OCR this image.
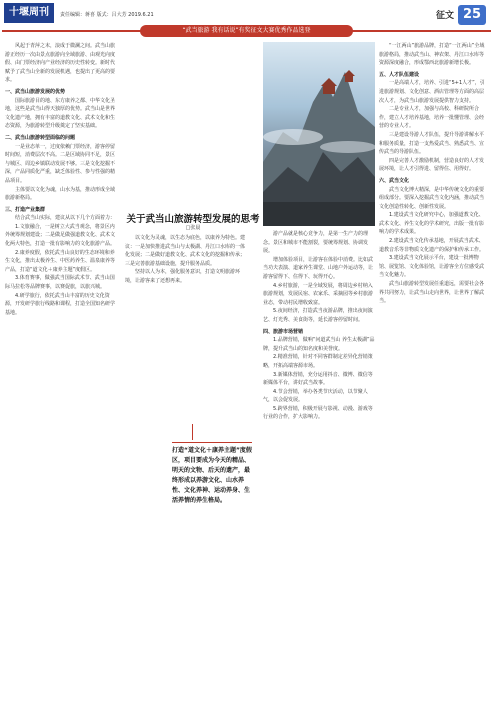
十堰周刊	责任编辑：蒋喜 版式：吕大芳 2019.6.21	征文 25
“武当旅游 我有话说”有奖征文大赛优秀作品选登

风起于青萍之末，浪成于微澜之间。武当山旅游正经历一次由景点旅游向全域旅游、由观光向度假、由门票经济向产业经济的历史性转变。新时代赋予了武当山全新的发展机遇，也提出了更高的要求。

一、武当山旅游发展的优势

国际旅游目的地、东方康养之都、中华文化圣地，这些是武当山得天独厚的优势。武当山是世界文化遗产地，拥有丰富的道教文化、武术文化和生态资源，为旅游转型升级奠定了坚实基础。

二、武当山旅游转型面临的问题

一是业态单一，过度依赖门票经济，游客停留时间短，消费层次不高。二是区域协同不足，景区与城区、周边乡镇联动发展不够。三是文化挖掘不深，产品同质化严重，缺乏体验性、参与性强的精品项目。

主体要以文化为魂，山水为基，推动形成全域旅游新格局。

三、打造产业集群

结合武当山实际，建议从以下几个方面着力：

1.文旅融合，一是树立大武当观念，将景区内外统筹规划建设；二是做足做强道教文化、武术文化两大特色，打造一批有影响力的文化旅游产品。

2.康养度假，依托武当山良好的生态环境和养生文化，推出太极养生、中医药养生、温泉康养等产品，打造“道文化＋康养主题”度假区。

3.体育赛事，做强武当国际武术节、武当山国际马拉松等品牌赛事，以赛促旅，以旅兴城。

4.研学旅行，依托武当山丰富的历史文化资源，开发研学旅行线路和课程，打造全国知名研学基地。

关于武当山旅游转型发展的思考
□张晨

以文化为灵魂，以生态为底色，以康养为特色。建议：一是加快推进武当山与太极湖、丹江口水库的一体化发展；二是做好道教文化、武术文化的挖掘和传承；三是完善旅游基础设施，提升服务品质。

坚持以人为本，强化服务意识，打造文明旅游环境，让游客来了还想再来。

游产品就是核心竞争力，是第一生产力的理念。景区和城市不能割裂，要统筹规划、协调发展。

增加体验项目，让游客在体验中消费。比如武当功夫表演、道家养生课堂、山地户外运动等，让游客留得下、住得下、玩得开心。

4.乡村旅游，一是全域发展，将周边乡村纳入旅游规划，发展民宿、农家乐、采摘园等乡村旅游业态，带动村民增收致富。

5.夜间经济，打造武当夜游品牌，推出夜间演艺、灯光秀、美食街等，延长游客停留时间。

四、旅游市场营销

1.品牌营销，做响“问道武当山 养生太极湖”品牌，提升武当山的知名度和美誉度。

2.精准营销，针对不同客群制定差异化营销策略，开拓高端客源市场。

3.新媒体营销，充分运用抖音、微博、微信等新媒体平台，讲好武当故事。

4.节会营销，举办各类节庆活动，以节聚人气，以会促发展。

5.跨界营销，积极开展与影视、动漫、游戏等行业的合作，扩大影响力。

打造“道文化＋康养主题”度假区，项目要成为今天的精品、明天的文物、后天的遗产，最终形成以养游文化、山水养性、文化养神、运动养身、生活养情的养生格局。

“一江两山”旅游品牌，打造“一江两山”全域旅游格局，推动武当山、神农架、丹江口水库等资源深度融合，形成鄂西北旅游新增长极。

五、人才队伍建设

一是高端人才，培养、引进“5+1人才”，引进旅游规划、文化创意、酒店管理等方面的高层次人才，为武当山旅游发展提供智力支持。

二是专业人才，加强与高校、科研院所合作，建立人才培养基地，培养一批懂管理、会经营的专业人才。

三是建设导游人才队伍，提升导游讲解水平和服务质量，打造一支热爱武当、熟悉武当、宣传武当的导游队伍。

四是完善人才激励机制，营造良好的人才发展环境，让人才引得进、留得住、用得好。

六、武当文化

武当文化博大精深，是中华传统文化的重要组成部分。要深入挖掘武当文化内涵，推动武当文化创造性转化、创新性发展。

1.建设武当文化研究中心，加强道教文化、武术文化、养生文化的学术研究，出版一批有影响力的学术成果。

2.建设武当文化传承基地，开展武当武术、道教音乐等非物质文化遗产的保护和传承工作。

3.建设武当文化展示平台，建设一批博物馆、展览馆、文化体验馆，让游客全方位感受武当文化魅力。

武当山旅游转型发展任重道远，需要社会各界共同努力，让武当山走向世界，让世界了解武当。
